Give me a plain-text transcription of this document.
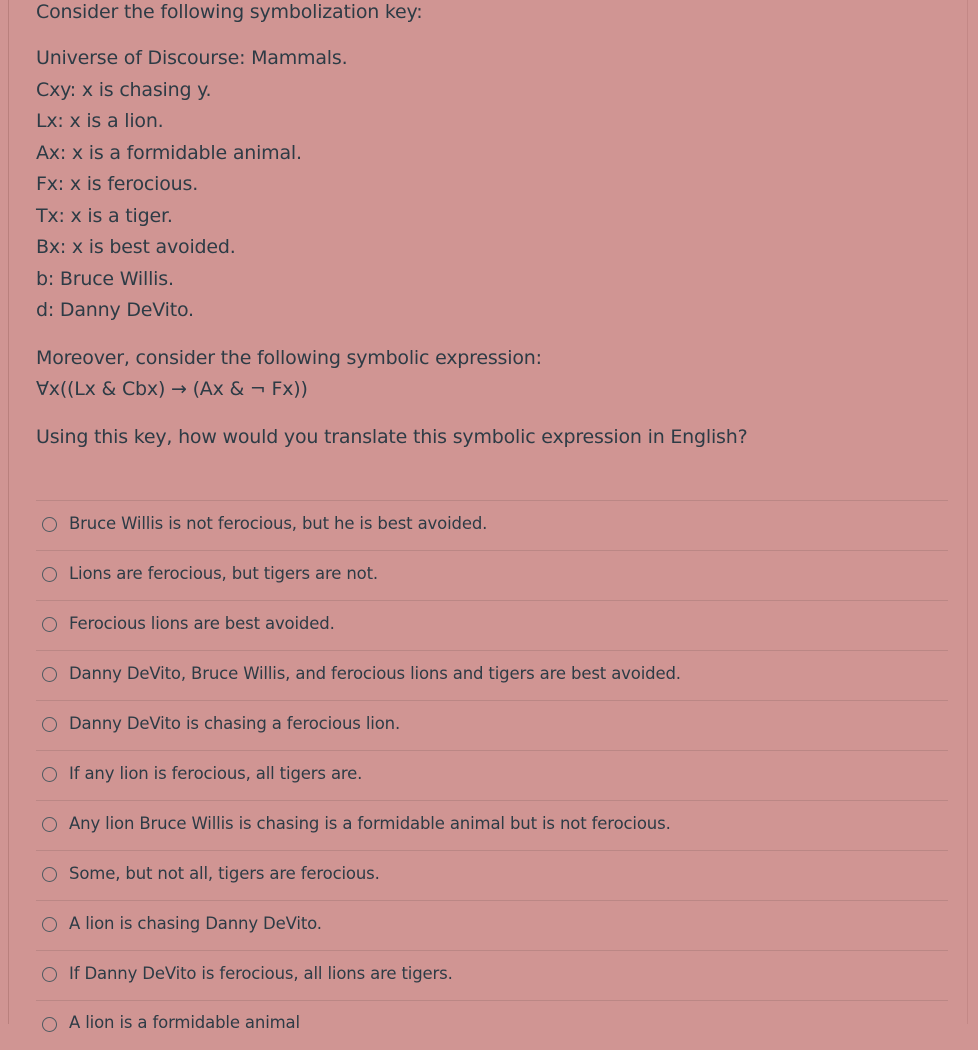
Consider the following symbolization key:
Universe of Discourse: Mammals.
Cxy: x is chasing y.
Lx: x is a lion.
Ax: x is a formidable animal.
Fx: x is ferocious.
Tx: x is a tiger.
Bx: x is best avoided.
b: Bruce Willis.
d: Danny DeVito.
Moreover, consider the following symbolic expression:
∀x((Lx & Cbx) → (Ax & ¬ Fx))
Using this key, how would you translate this symbolic expression in English?
Bruce Willis is not ferocious, but he is best avoided.
Lions are ferocious, but tigers are not.
Ferocious lions are best avoided.
Danny DeVito, Bruce Willis, and ferocious lions and tigers are best avoided.
Danny DeVito is chasing a ferocious lion.
If any lion is ferocious, all tigers are.
Any lion Bruce Willis is chasing is a formidable animal but is not ferocious.
Some, but not all, tigers are ferocious.
A lion is chasing Danny DeVito.
If Danny DeVito is ferocious, all lions are tigers.
A lion is a formidable animal
